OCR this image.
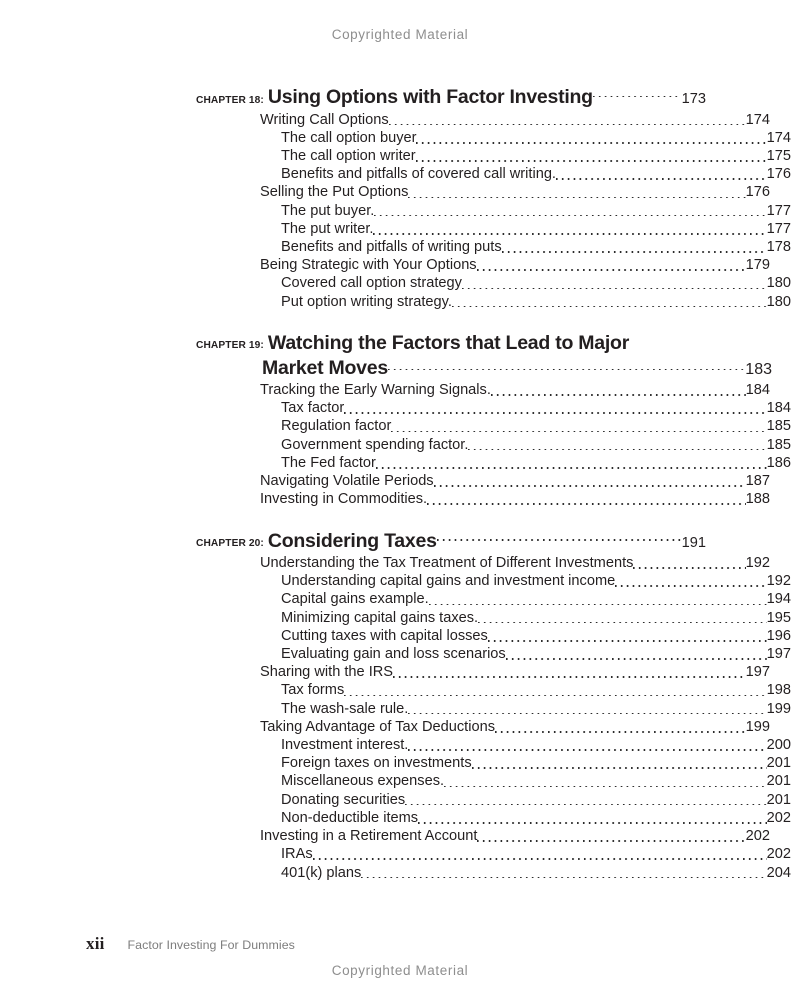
Copyrighted Material
CHAPTER 18: Using Options with Factor Investing	173
Writing Call Options	174
The call option buyer	174
The call option writer	175
Benefits and pitfalls of covered call writing.	176
Selling the Put Options	176
The put buyer.	177
The put writer.	177
Benefits and pitfalls of writing puts	178
Being Strategic with Your Options	179
Covered call option strategy	180
Put option writing strategy.	180
CHAPTER 19: Watching the Factors that Lead to Major
Market Moves	183
Tracking the Early Warning Signals.	184
Tax factor	184
Regulation factor	185
Government spending factor.	185
The Fed factor	186
Navigating Volatile Periods	187
Investing in Commodities.	188
CHAPTER 20: Considering Taxes	191
Understanding the Tax Treatment of Different Investments	192
Understanding capital gains and investment income	192
Capital gains example.	194
Minimizing capital gains taxes.	195
Cutting taxes with capital losses	196
Evaluating gain and loss scenarios	197
Sharing with the IRS	197
Tax forms	198
The wash-sale rule.	199
Taking Advantage of Tax Deductions	199
Investment interest.	200
Foreign taxes on investments	201
Miscellaneous expenses.	201
Donating securities	201
Non-deductible items	202
Investing in a Retirement Account	202
IRAs	202
401(k) plans	204
xii	Factor Investing For Dummies
Copyrighted Material
